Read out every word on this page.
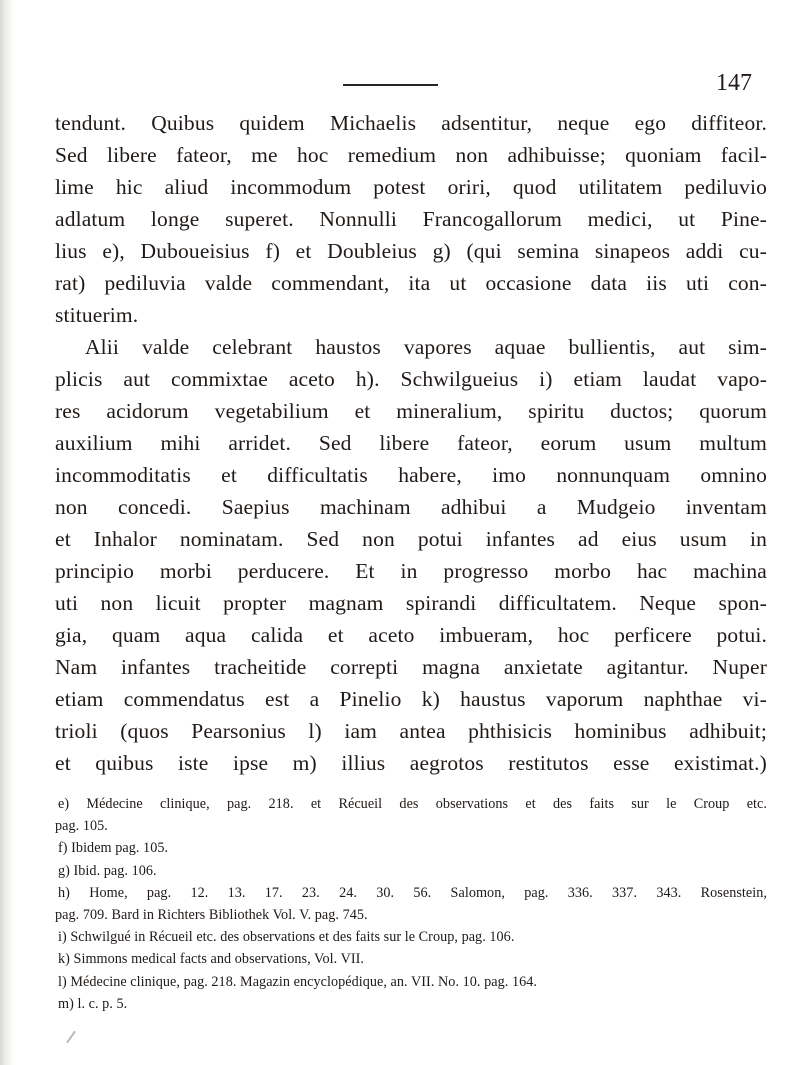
147
tendunt. Quibus quidem Michaelis adsentitur, neque ego diffiteor.
Sed libere fateor, me hoc remedium non adhibuisse; quoniam facil-
lime hic aliud incommodum potest oriri, quod utilitatem pediluvio
adlatum longe superet. Nonnulli Francogallorum medici, ut Pine-
lius e), Duboueisius f) et Doubleius g) (qui semina sinapeos addi cu-
rat) pediluvia valde commendant, ita ut occasione data iis uti con-
stituerim.
Alii valde celebrant haustos vapores aquae bullientis, aut sim-
plicis aut commixtae aceto h). Schwilgueius i) etiam laudat vapo-
res acidorum vegetabilium et mineralium, spiritu ductos; quorum
auxilium mihi arridet. Sed libere fateor, eorum usum multum
incommoditatis et difficultatis habere, imo nonnunquam omnino
non concedi. Saepius machinam adhibui a Mudgeio inventam
et Inhalor nominatam. Sed non potui infantes ad eius usum in
principio morbi perducere. Et in progresso morbo hac machina
uti non licuit propter magnam spirandi difficultatem. Neque spon-
gia, quam aqua calida et aceto imbueram, hoc perficere potui.
Nam infantes tracheitide correpti magna anxietate agitantur. Nuper
etiam commendatus est a Pinelio k) haustus vaporum naphthae vi-
trioli (quos Pearsonius l) iam antea phthisicis hominibus adhibuit;
et quibus iste ipse m) illius aegrotos restitutos esse existimat.)
e) Médecine clinique, pag. 218. et Récueil des observations et des faits sur le Croup etc.
pag. 105.
f) Ibidem pag. 105.
g) Ibid. pag. 106.
h) Home, pag. 12. 13. 17. 23. 24. 30. 56. Salomon, pag. 336. 337. 343. Rosenstein,
pag. 709. Bard in Richters Bibliothek Vol. V. pag. 745.
i) Schwilgué in Récueil etc. des observations et des faits sur le Croup, pag. 106.
k) Simmons medical facts and observations, Vol. VII.
l) Médecine clinique, pag. 218. Magazin encyclopédique, an. VII. No. 10. pag. 164.
m) l. c. p. 5.
